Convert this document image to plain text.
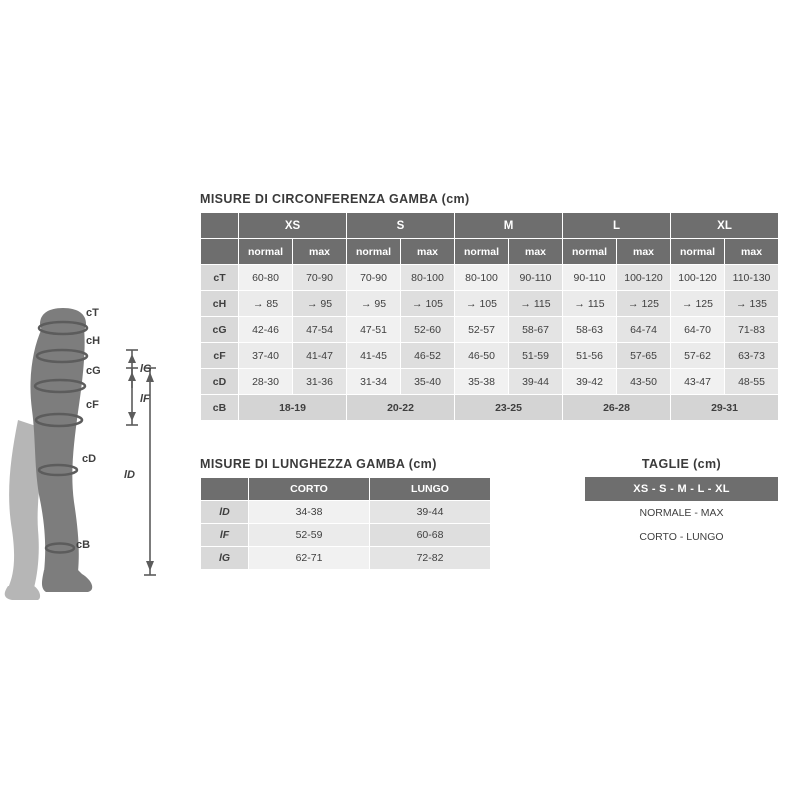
cT
cH
cG
cF
cD
cB
lD
lF
lG
MISURE DI CIRCONFERENZA GAMBA (cm)
	XS		S		M		L		XL	
	normal	max	normal	max	normal	max	normal	max	normal	max
cT	60-80	70-90	70-90	80-100	80-100	90-110	90-110	100-120	100-120	110-130
cH	→ 85	→ 95	→ 95	→ 105	→ 105	→ 115	→ 115	→ 125	→ 125	→ 135
cG	42-46	47-54	47-51	52-60	52-57	58-67	58-63	64-74	64-70	71-83
cF	37-40	41-47	41-45	46-52	46-50	51-59	51-56	57-65	57-62	63-73
cD	28-30	31-36	31-34	35-40	35-38	39-44	39-42	43-50	43-47	48-55
cB	18-19		20-22		23-25		26-28		29-31	
MISURE DI LUNGHEZZA GAMBA (cm)
	CORTO	LUNGO
lD	34-38	39-44
lF	52-59	60-68
lG	62-71	72-82
TAGLIE (cm)
XS - S - M - L - XL
NORMALE - MAX
CORTO - LUNGO
